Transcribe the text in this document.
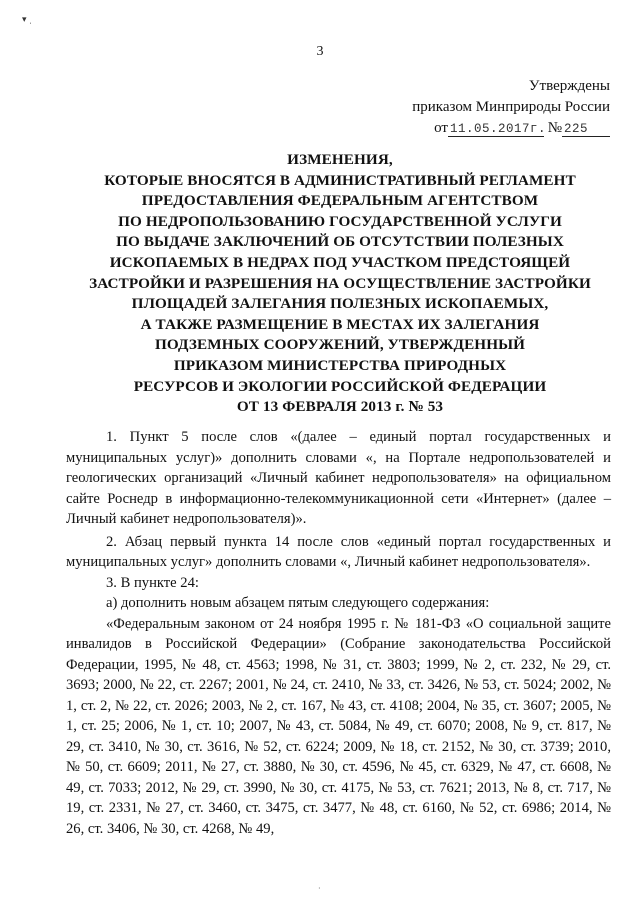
▾ ˌ
3
Утверждены
приказом Минприроды России
от 11.05.2017г. № 225
ИЗМЕНЕНИЯ,
КОТОРЫЕ ВНОСЯТСЯ В АДМИНИСТРАТИВНЫЙ РЕГЛАМЕНТ
ПРЕДОСТАВЛЕНИЯ ФЕДЕРАЛЬНЫМ АГЕНТСТВОМ
ПО НЕДРОПОЛЬЗОВАНИЮ ГОСУДАРСТВЕННОЙ УСЛУГИ
ПО ВЫДАЧЕ ЗАКЛЮЧЕНИЙ ОБ ОТСУТСТВИИ ПОЛЕЗНЫХ
ИСКОПАЕМЫХ В НЕДРАХ ПОД УЧАСТКОМ ПРЕДСТОЯЩЕЙ
ЗАСТРОЙКИ И РАЗРЕШЕНИЯ НА ОСУЩЕСТВЛЕНИЕ ЗАСТРОЙКИ
ПЛОЩАДЕЙ ЗАЛЕГАНИЯ ПОЛЕЗНЫХ ИСКОПАЕМЫХ,
А ТАКЖЕ РАЗМЕЩЕНИЕ В МЕСТАХ ИХ ЗАЛЕГАНИЯ
ПОДЗЕМНЫХ СООРУЖЕНИЙ, УТВЕРЖДЕННЫЙ
ПРИКАЗОМ МИНИСТЕРСТВА ПРИРОДНЫХ
РЕСУРСОВ И ЭКОЛОГИИ РОССИЙСКОЙ ФЕДЕРАЦИИ
ОТ 13 ФЕВРАЛЯ 2013 г. № 53

1. Пункт 5 после слов «(далее – единый портал государственных и муниципальных услуг)» дополнить словами «, на Портале недропользователей и геологических организаций «Личный кабинет недропользователя» на официальном сайте Роснедр в информационно-телекоммуникационной сети «Интернет» (далее – Личный кабинет недропользователя)».

2. Абзац первый пункта 14 после слов «единый портал государственных и муниципальных услуг» дополнить словами «, Личный кабинет недропользователя».

3. В пункте 24:

а) дополнить новым абзацем пятым следующего содержания:

«Федеральным законом от 24 ноября 1995 г. № 181-ФЗ «О социальной защите инвалидов в Российской Федерации» (Собрание законодательства Российской Федерации, 1995, № 48, ст. 4563; 1998, № 31, ст. 3803; 1999, № 2, ст. 232, № 29, ст. 3693; 2000, № 22, ст. 2267; 2001, № 24, ст. 2410, № 33, ст. 3426, № 53, ст. 5024; 2002, № 1, ст. 2, № 22, ст. 2026; 2003, № 2, ст. 167, № 43, ст. 4108; 2004, № 35, ст. 3607; 2005, № 1, ст. 25; 2006, № 1, ст. 10; 2007, № 43, ст. 5084, № 49, ст. 6070; 2008, № 9, ст. 817, № 29, ст. 3410, № 30, ст. 3616, № 52, ст. 6224; 2009, № 18, ст. 2152, № 30, ст. 3739; 2010, № 50, ст. 6609; 2011, № 27, ст. 3880, № 30, ст. 4596, № 45, ст. 6329, № 47, ст. 6608, № 49, ст. 7033; 2012, № 29, ст. 3990, № 30, ст. 4175, № 53, ст. 7621; 2013, № 8, ст. 717, № 19, ст. 2331, № 27, ст. 3460, ст. 3475, ст. 3477, № 48, ст. 6160, № 52, ст. 6986; 2014, № 26, ст. 3406, № 30, ст. 4268, № 49,

·
